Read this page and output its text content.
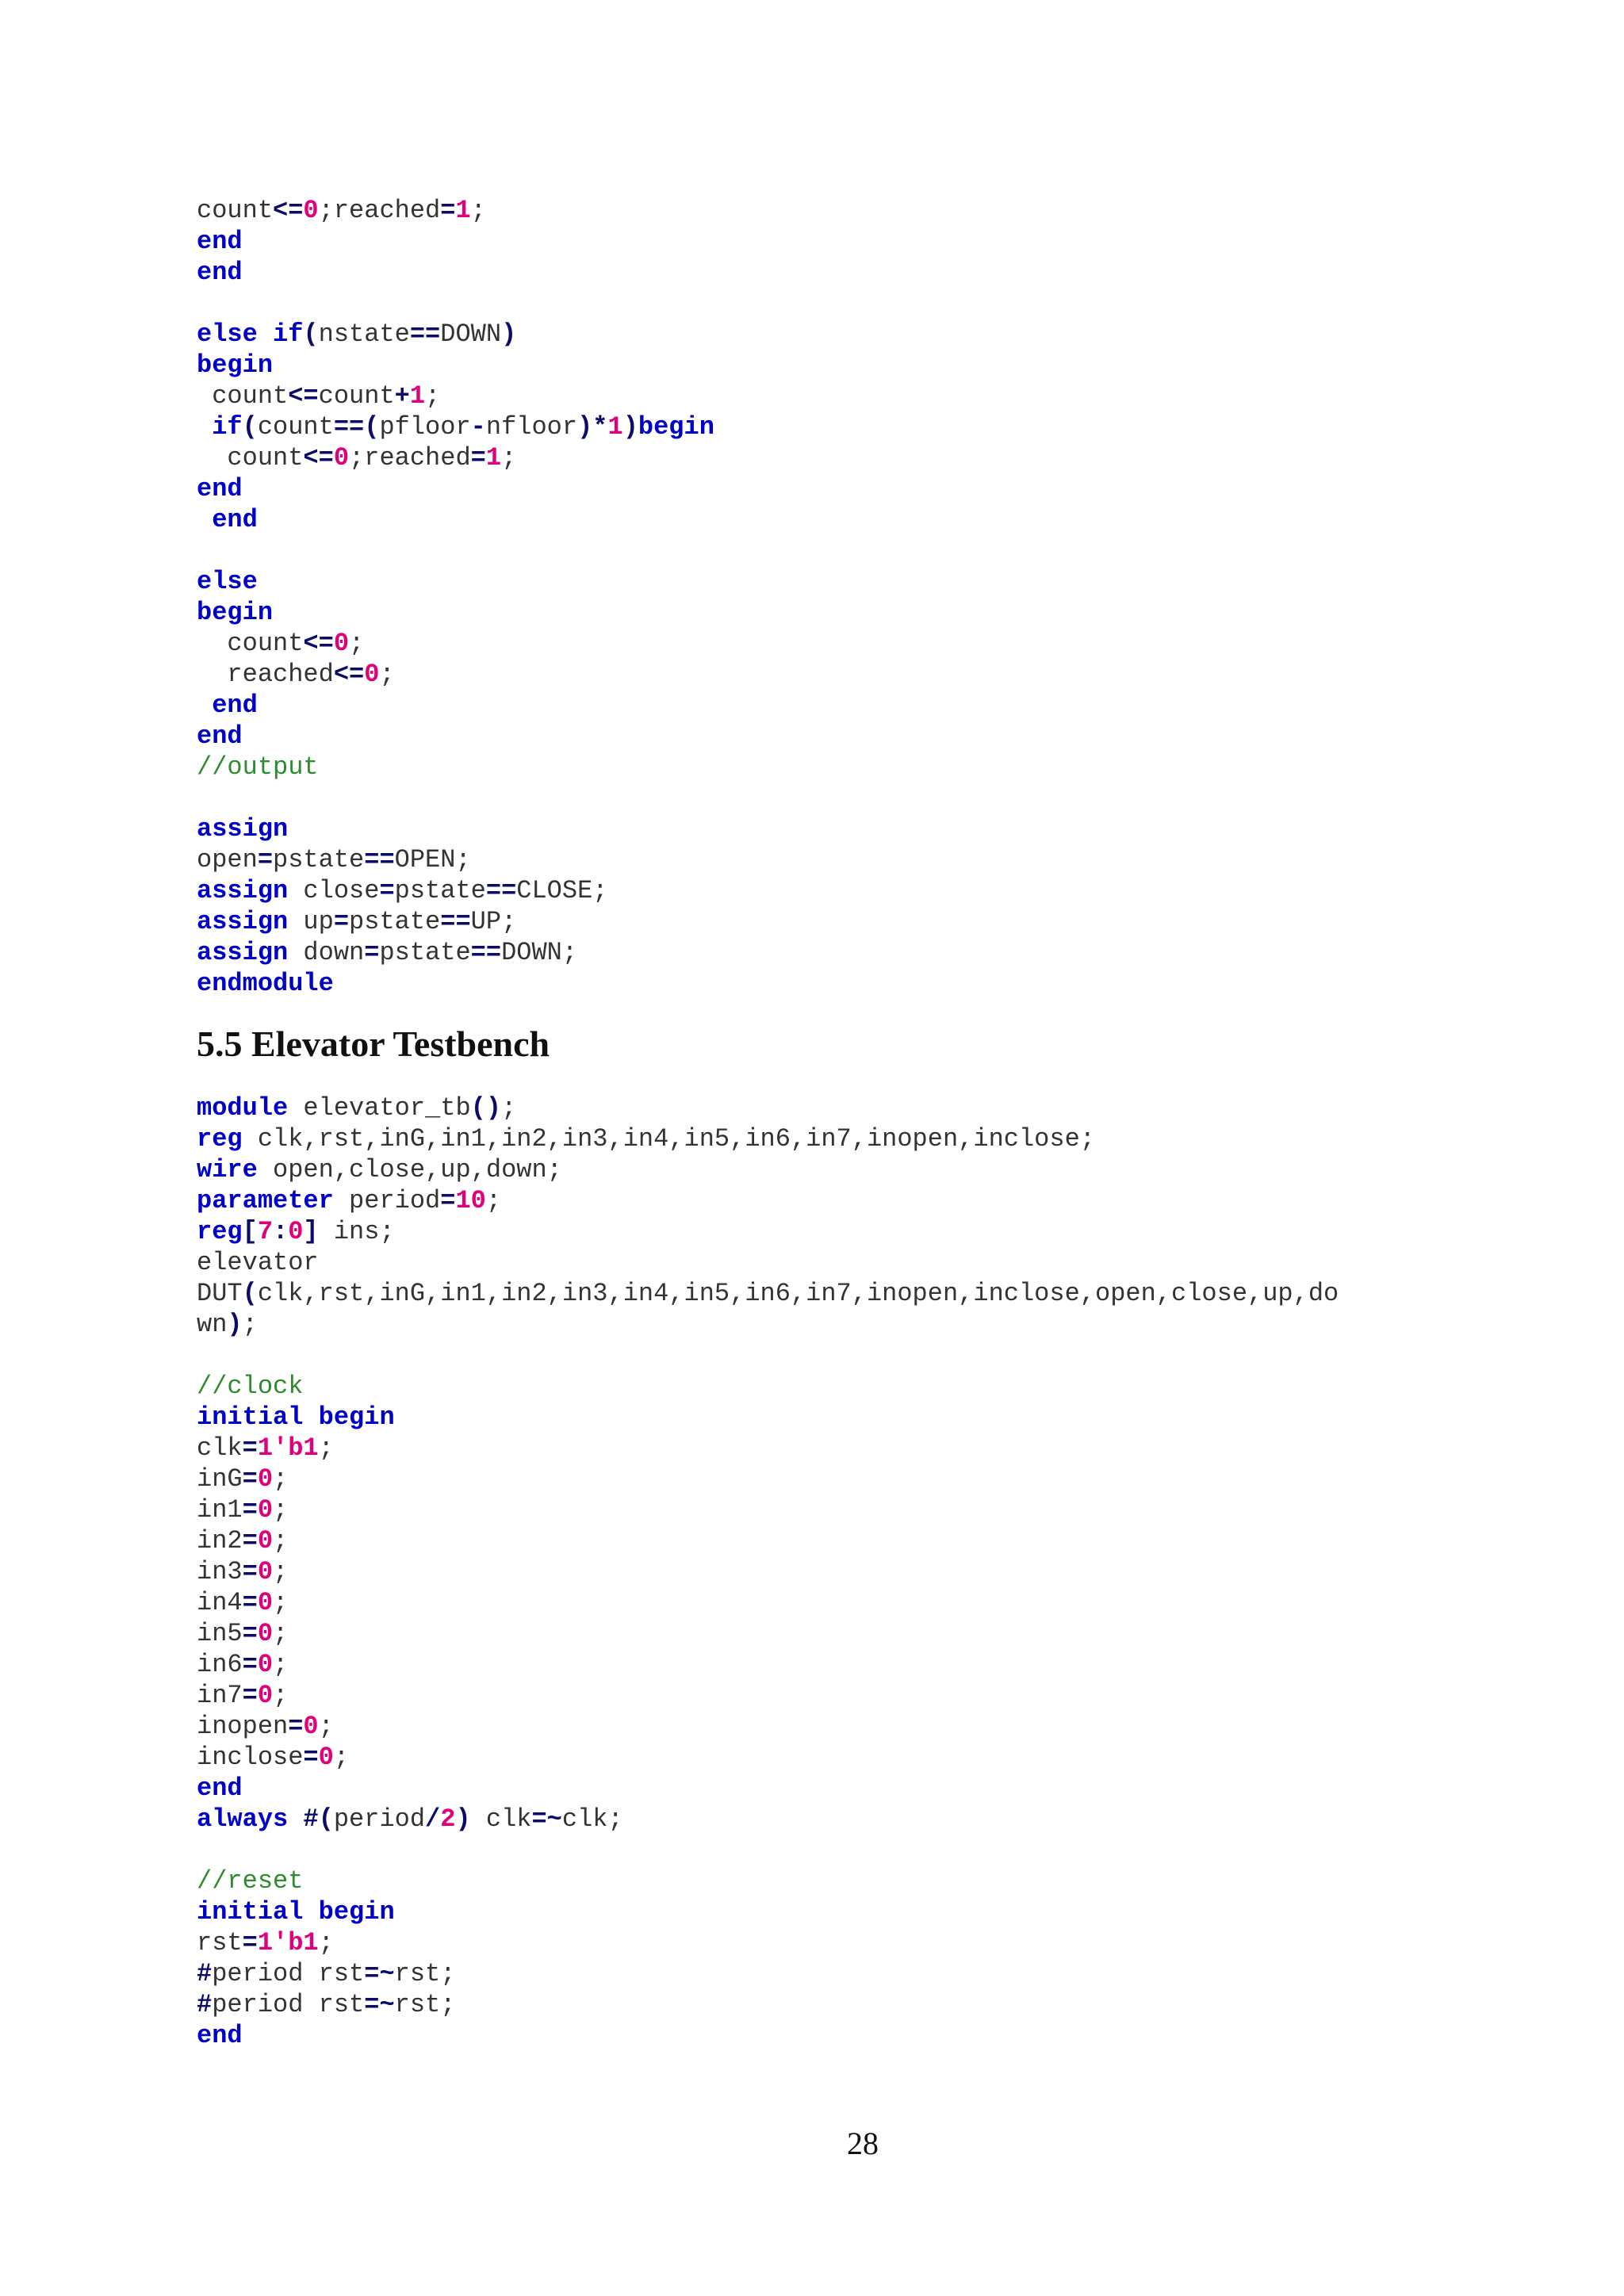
count<=0;reached=1;
end
end
else if(nstate==DOWN)
begin
count<=count+1;
if(count==(pfloor-nfloor)*1)begin
count<=0;reached=1;
end
end
else
begin
count<=0;
reached<=0;
end
end
//output
assign
open=pstate==OPEN;
assign close=pstate==CLOSE;
assign up=pstate==UP;
assign down=pstate==DOWN;
endmodule
5.5 Elevator Testbench
module elevator_tb();
reg clk,rst,inG,in1,in2,in3,in4,in5,in6,in7,inopen,inclose;
wire open,close,up,down;
parameter period=10;
reg[7:0] ins;
elevator
DUT(clk,rst,inG,in1,in2,in3,in4,in5,in6,in7,inopen,inclose,open,close,up,do
wn);
//clock
initial begin
clk=1'b1;
inG=0;
in1=0;
in2=0;
in3=0;
in4=0;
in5=0;
in6=0;
in7=0;
inopen=0;
inclose=0;
end
always #(period/2) clk=~clk;
//reset
initial begin
rst=1'b1;
#period rst=~rst;
#period rst=~rst;
end
28
